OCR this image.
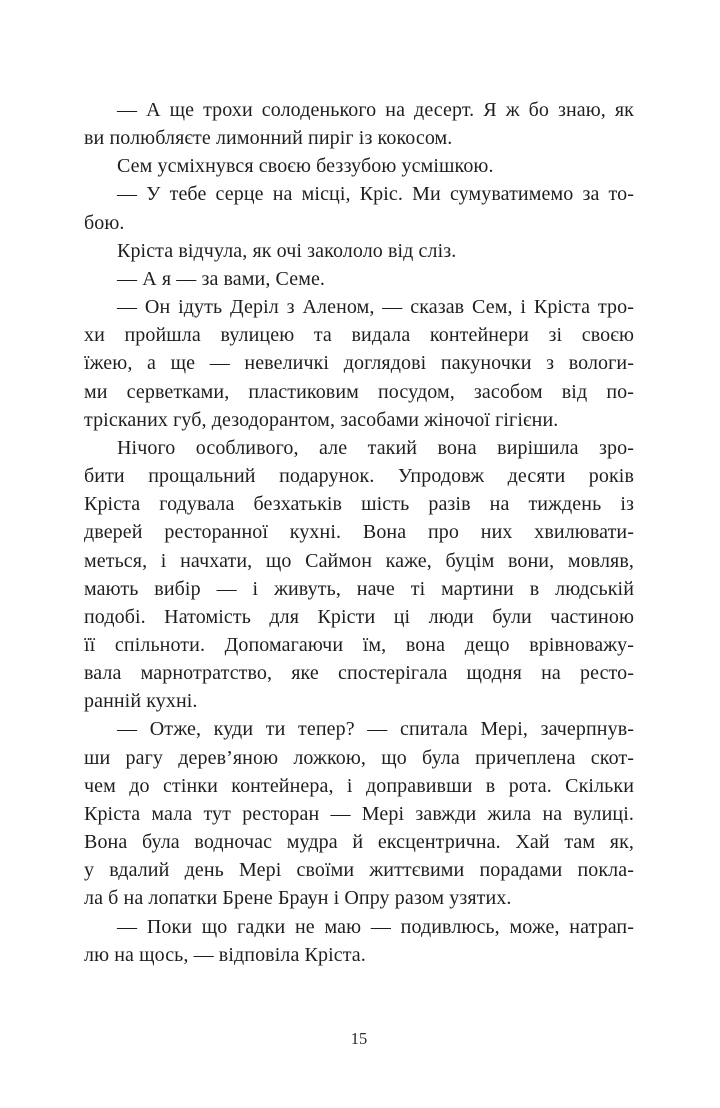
— А ще трохи солоденького на десерт. Я ж бо знаю, як
ви полюбляєте лимонний пиріг із кокосом.
Сем усміхнувся своєю беззубою усмішкою.
— У тебе серце на місці, Кріс. Ми сумуватимемо за то-
бою.
Кріста відчула, як очі закололо від сліз.
— А я — за вами, Семе.
— Он ідуть Деріл з Аленом, — сказав Сем, і Кріста тро-
хи пройшла вулицею та видала контейнери зі своєю
їжею, а ще — невеличкі доглядові пакуночки з вологи-
ми серветками, пластиковим посудом, засобом від по-
трісканих губ, дезодорантом, засобами жіночої гігієни.
Нічого особливого, але такий вона вирішила зро-
бити прощальний подарунок. Упродовж десяти років
Кріста годувала безхатьків шість разів на тиждень із
дверей ресторанної кухні. Вона про них хвилювати-
меться, і начхати, що Саймон каже, буцім вони, мовляв,
мають вибір — і живуть, наче ті мартини в людській
подобі. Натомість для Крісти ці люди були частиною
її спільноти. Допомагаючи їм, вона дещо врівноважу-
вала марнотратство, яке спостерігала щодня на ресто-
ранній кухні.
— Отже, куди ти тепер? — спитала Мері, зачерпнув-
ши рагу дерев’яною ложкою, що була причеплена скот-
чем до стінки контейнера, і доправивши в рота. Скільки
Кріста мала тут ресторан — Мері завжди жила на вулиці.
Вона була водночас мудра й ексцентрична. Хай там як,
у вдалий день Мері своїми життєвими порадами покла-
ла б на лопатки Брене Браун і Опру разом узятих.
— Поки що гадки не маю — подивлюсь, може, натрап-
лю на щось, — відповіла Кріста.
15
